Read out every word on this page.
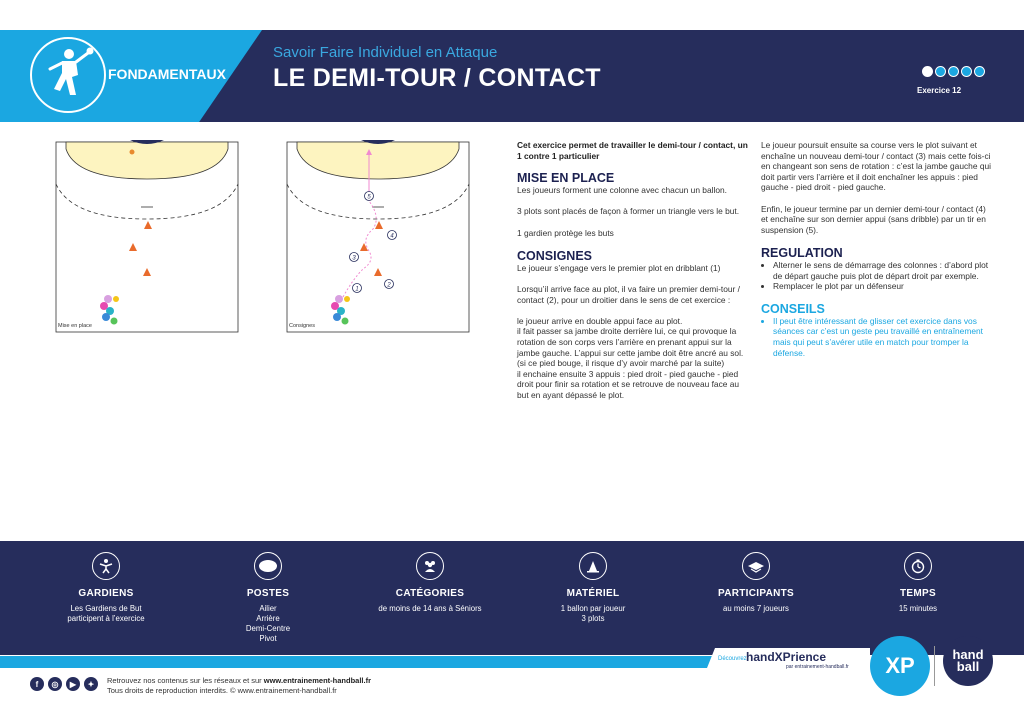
FONDAMENTAUX
Savoir Faire Individuel en Attaque
LE DEMI-TOUR / CONTACT	Exercice 12
Mise en place
5
4
3
2
1
Consignes
Cet exercice permet de travailler le demi-tour / contact, un 1 contre 1 particulier
MISE EN PLACE

Les joueurs forment une colonne avec chacun un ballon.

3 plots sont placés de façon à former un triangle vers le but.

1 gardien protège les buts

CONSIGNES

Le joueur s’engage vers le premier plot en dribblant (1)

Lorsqu’il arrive face au plot, il va faire un premier demi-tour / contact (2), pour un droitier dans le sens de cet exercice :

le joueur arrive en double appui face au plot.
il fait passer sa jambe droite derrière lui, ce qui provoque la rotation de son corps vers l’arrière en prenant appui sur la jambe gauche. L’appui sur cette jambe doit être ancré au sol. (si ce pied bouge, il risque d’y avoir marché par la suite)
il enchaine ensuite 3 appuis : pied droit - pied gauche - pied droit pour finir sa rotation et se retrouve de nouveau face au but en ayant dépassé le plot.

Le joueur poursuit ensuite sa course vers le plot suivant et enchaîne un nouveau demi-tour / contact (3) mais cette fois-ci en changeant son sens de rotation : c’est la jambe gauche qui doit partir vers l’arrière et il doit enchaîner les appuis : pied gauche - pied droit - pied gauche.

Enfin, le joueur termine par un dernier demi-tour / contact (4) et enchaîne sur son dernier appui (sans dribble) par un tir en suspension (5).

REGULATION
• Alterner le sens de démarrage des colonnes : d’abord plot de départ gauche puis plot de départ droit par exemple.
• Remplacer le plot par un défenseur
CONSEILS
• Il peut être intéressant de glisser cet exercice dans vos séances car c’est un geste peu travaillé en entraînement mais qui peut s’avérer utile en match pour tromper la défense.
GARDIENS
Les Gardiens de But
participent à l’exercice
POSTES
Ailier
Arrière
Demi-Centre
Pivot
CATÉGORIES
de moins de 14 ans à Séniors
MATÉRIEL
1 ballon par joueur
3 plots
PARTICIPANTS
au moins 7 joueurs
TEMPS
15 minutes
Découvrez handXPrience
par entrainement-handball.fr
f	◎	▶	✦	Retrouvez nos contenus sur les réseaux et sur www.entrainement-handball.fr
Tous droits de reproduction interdits. © www.entrainement-handball.fr
XP	hand
ball
